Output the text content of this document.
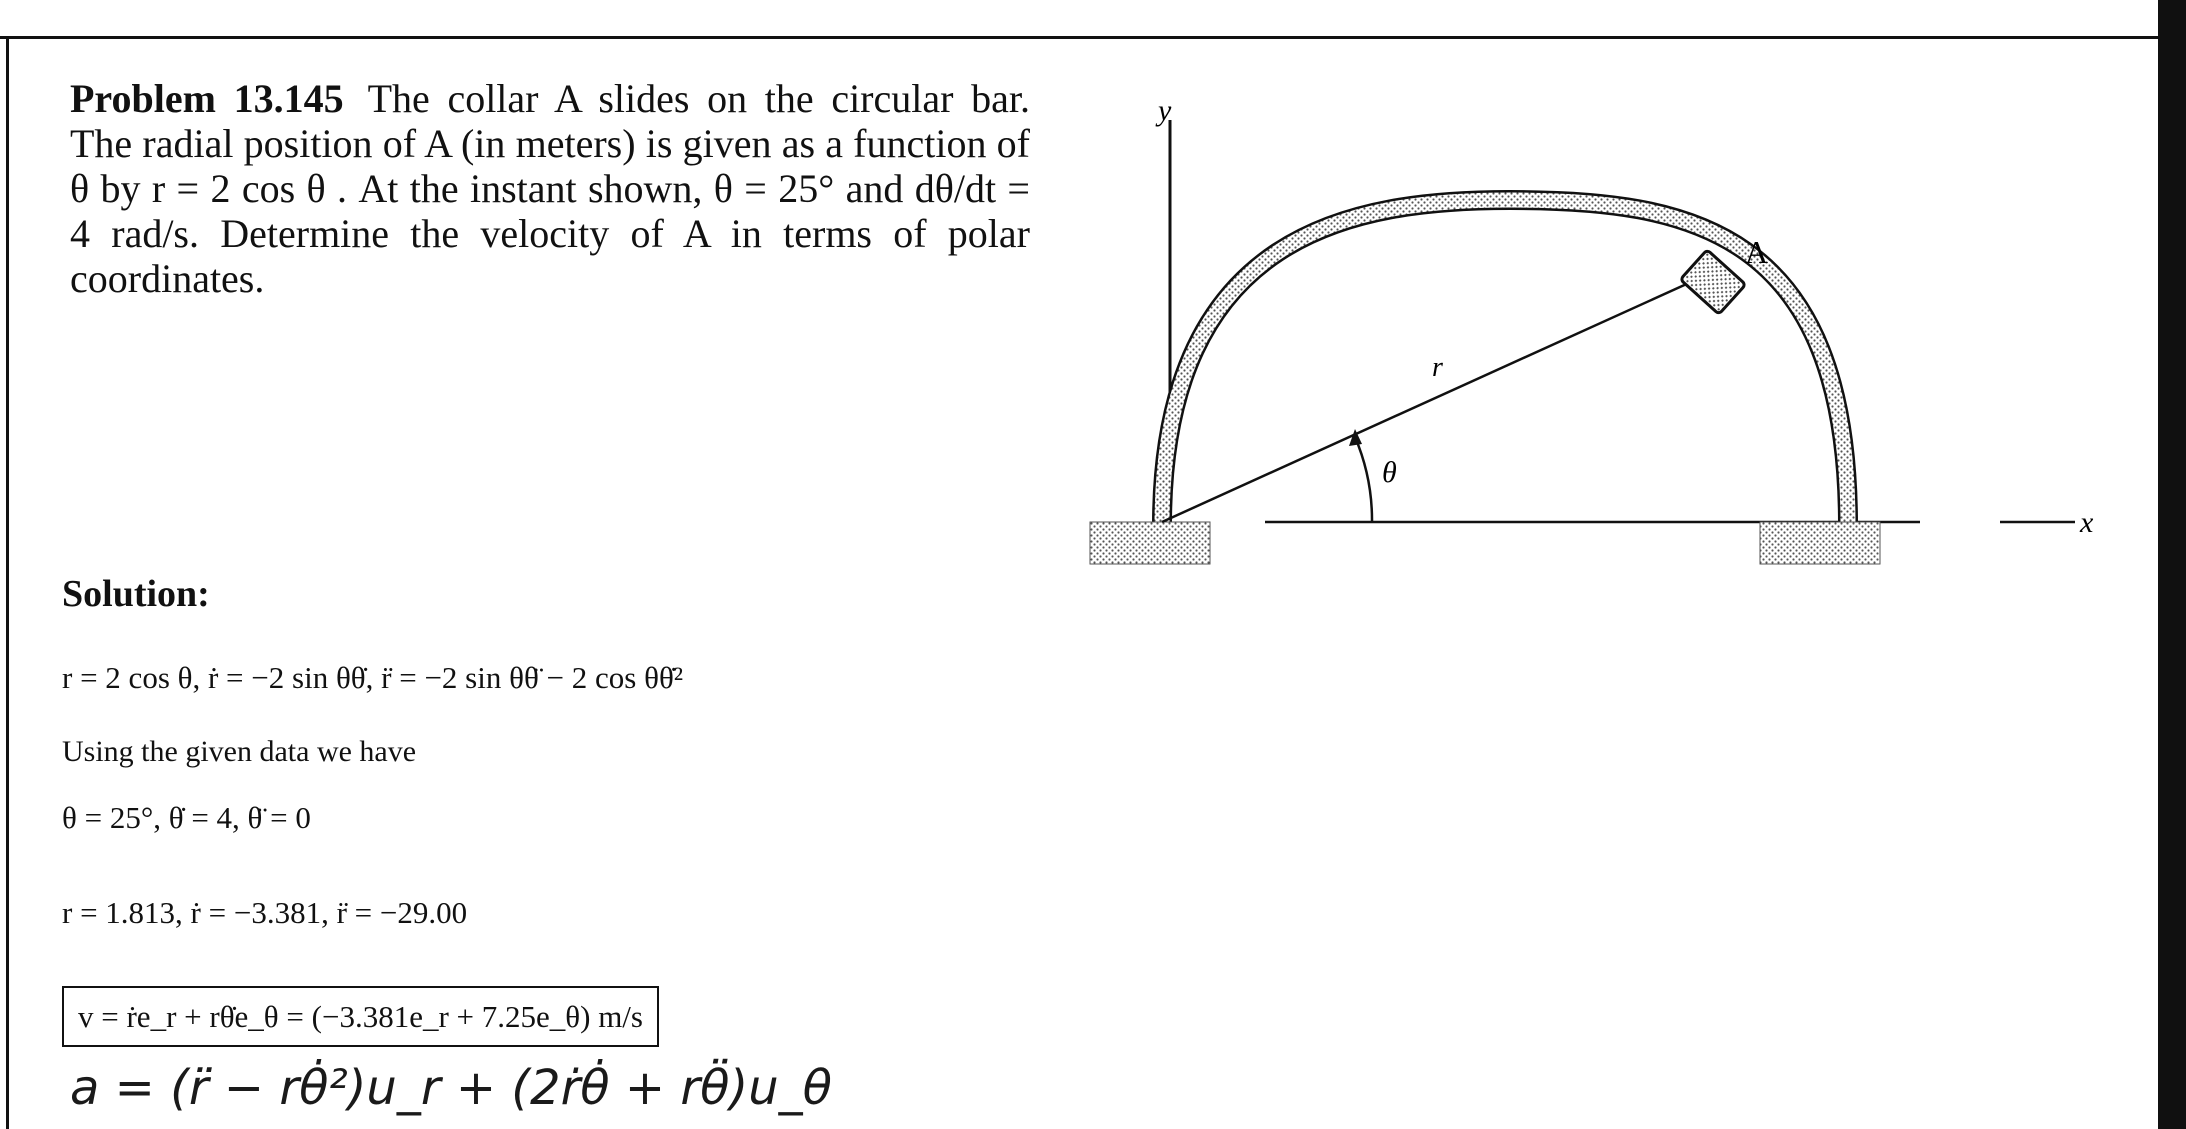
Problem 13.145 The collar A slides on the circular bar. The radial position of A (in meters) is given as a function of θ by r = 2 cos θ . At the instant shown, θ = 25° and dθ/dt = 4 rad/s. Determine the velocity of A in terms of polar coordinates.
y
x
r
θ
A
Solution:
r = 2 cos θ, ṙ = −2 sin θθ̇, r̈ = −2 sin θθ̈ − 2 cos θθ̇²
Using the given data we have
θ = 25°, θ̇ = 4, θ̈ = 0
r = 1.813, ṙ = −3.381, r̈ = −29.00
v = ṙe_r + rθ̇e_θ = (−3.381e_r + 7.25e_θ) m/s
a = (r̈ − rθ̇²)u_r + (2ṙθ̇ + rθ̈)u_θ
